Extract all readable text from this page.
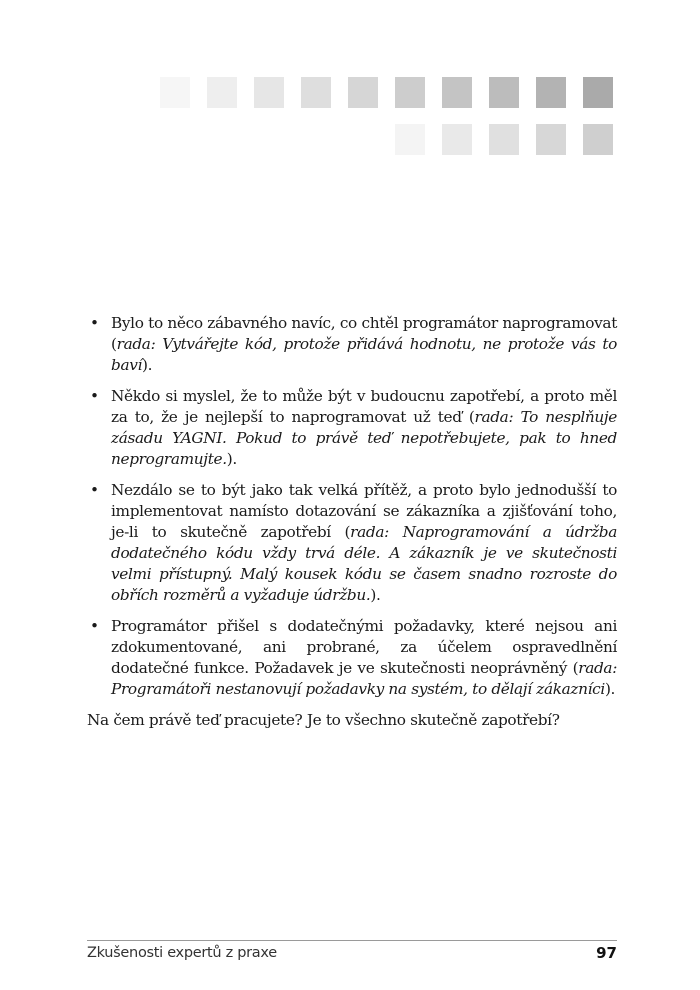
• Bylo to něco zábavného navíc, co chtěl programátor naprogramovat (rada: Vytvářejte kód, protože přidává hodnotu, ne protože vás to baví).
• Někdo si myslel, že to může být v budoucnu zapotřebí, a proto měl za to, že je nejlepší to naprogramovat už teď (rada: To nesplňuje zásadu YAGNI. Pokud to právě teď nepotřebujete, pak to hned neprogramujte.).
• Nezdálo se to být jako tak velká přítěž, a proto bylo jednodušší to implementovat namísto dotazování se zákazníka a zjišťování toho, je-li to skutečně zapotřebí (rada: Naprogramování a údržba dodatečného kódu vždy trvá déle. A zákazník je ve skutečnosti velmi přístupný. Malý kousek kódu se časem snadno rozroste do obřích rozměrů a vyžaduje údržbu.).
• Programátor přišel s dodatečnými požadavky, které nejsou ani zdokumentované, ani probrané, za účelem ospravedlnění dodatečné funkce. Požadavek je ve skutečnosti neoprávněný (rada: Programátoři nestanovují požadavky na systém, to dělají zákazníci).
Na čem právě teď pracujete? Je to všechno skutečně zapotřebí?
Zkušenosti expertů z praxe	97
